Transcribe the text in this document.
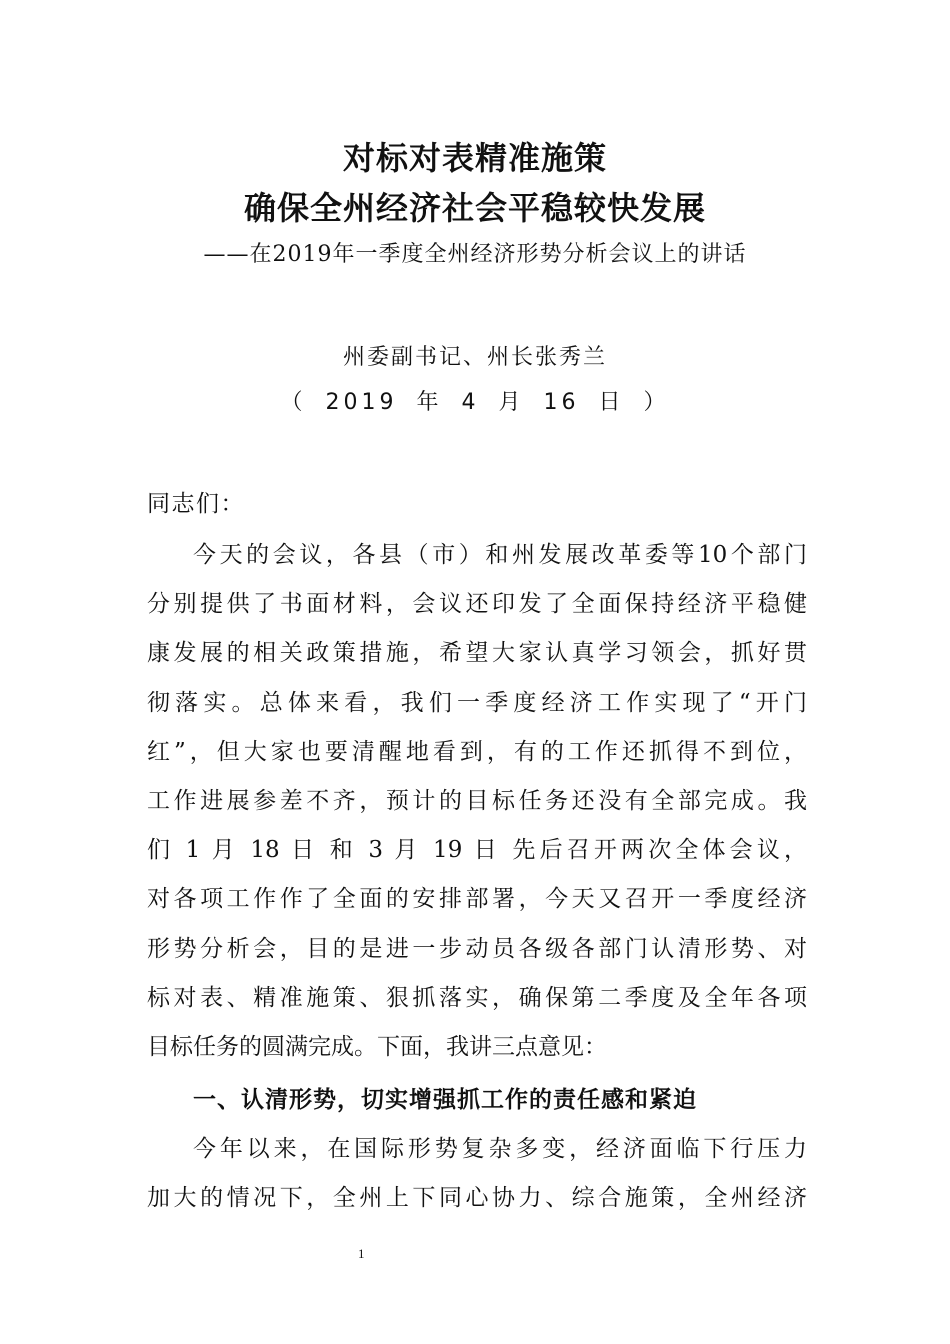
对标对表精准施策
确保全州经济社会平稳较快发展
——在2019年一季度全州经济形势分析会议上的讲话
州委副书记、州长张秀兰
（ 2019 年 4 月 16 日 ）
同志们：
今天的会议，各县（市）和州发展改革委等10个部门
分别提供了书面材料，会议还印发了全面保持经济平稳健
康发展的相关政策措施，希望大家认真学习领会，抓好贯
彻落实。总体来看，我们一季度经济工作实现了“开门
红”，但大家也要清醒地看到，有的工作还抓得不到位，
工作进展参差不齐，预计的目标任务还没有全部完成。我
们 1 月 18 日 和 3 月 19 日 先后召开两次全体会议，
对各项工作作了全面的安排部署，今天又召开一季度经济
形势分析会，目的是进一步动员各级各部门认清形势、对
标对表、精准施策、狠抓落实，确保第二季度及全年各项
目标任务的圆满完成。下面，我讲三点意见：
一、认清形势，切实增强抓工作的责任感和紧迫
今年以来，在国际形势复杂多变，经济面临下行压力
加大的情况下，全州上下同心协力、综合施策，全州经济
1
